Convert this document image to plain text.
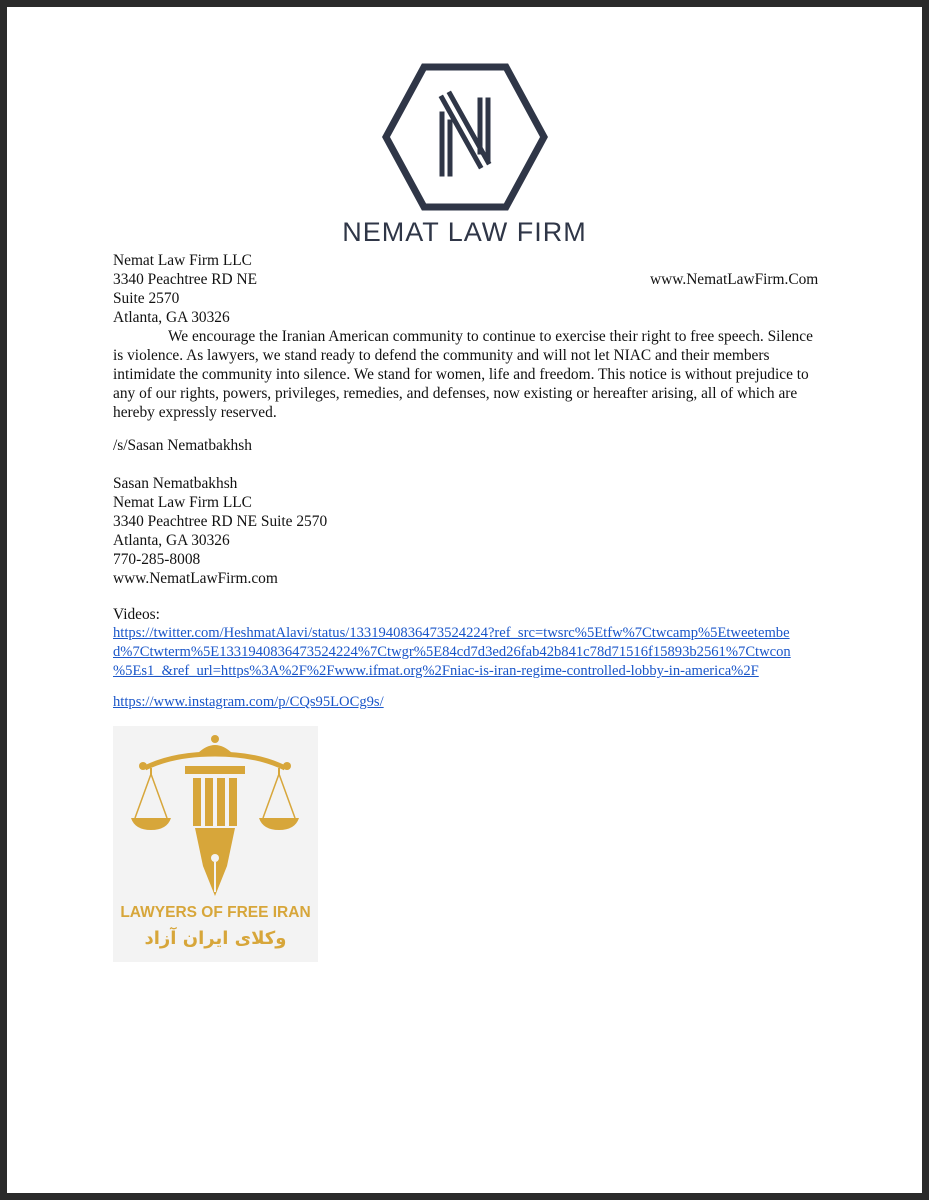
NEMAT LAW FIRM
Nemat Law Firm LLC
3340 Peachtree RD NE
Suite 2570
Atlanta, GA 30326
www.NematLawFirm.Com
We encourage the Iranian American community to continue to exercise their right to free speech. Silence is violence. As lawyers, we stand ready to defend the community and will not let NIAC and their members intimidate the community into silence. We stand for women, life and freedom. This notice is without prejudice to any of our rights, powers, privileges, remedies, and defenses, now existing or hereafter arising, all of which are hereby expressly reserved.
/s/Sasan Nematbakhsh
Sasan Nematbakhsh
Nemat Law Firm LLC
3340 Peachtree RD NE Suite 2570
Atlanta, GA 30326
770-285-8008
www.NematLawFirm.com
Videos:
https://twitter.com/HeshmatAlavi/status/1331940836473524224?ref_src=twsrc%5Etfw%7Ctwcamp%5Etweetembe
d%7Ctwterm%5E1331940836473524224%7Ctwgr%5E84cd7d3ed26fab42b841c78d71516f15893b2561%7Ctwcon
%5Es1_&ref_url=https%3A%2F%2Fwww.ifmat.org%2Fniac-is-iran-regime-controlled-lobby-in-america%2F
https://www.instagram.com/p/CQs95LOCg9s/
LAWYERS OF FREE IRAN
وکلای ایران آزاد
